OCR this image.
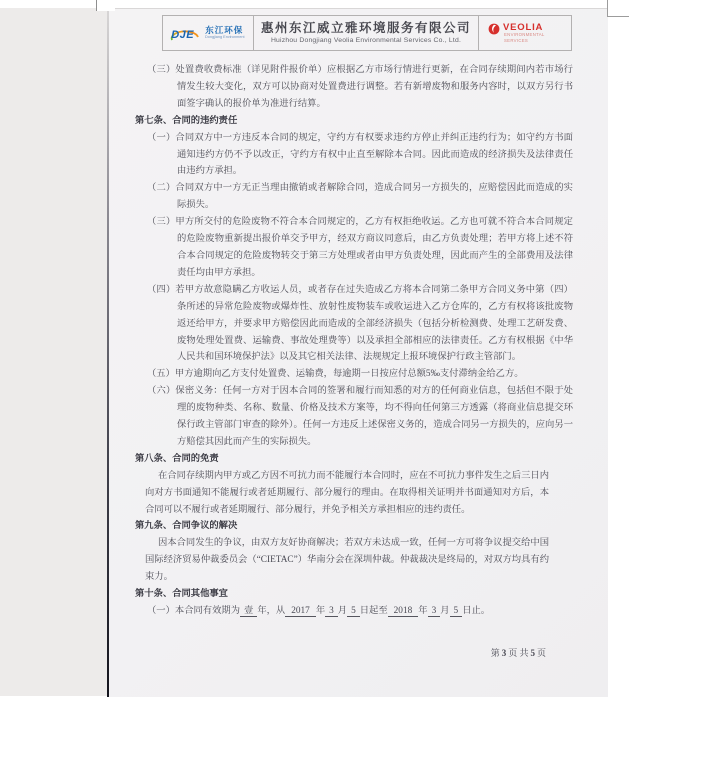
DJE 东江环保
Dongjiang Environment
惠州东江威立雅环境服务有限公司
Huizhou Dongjiang Veolia Environmental Services Co., Ltd.
VEOLIA
ENVIRONMENTAL
SERVICES
（三）处置费收费标准（详见附件报价单）应根据乙方市场行情进行更新，在合同存续期间内若市场行情发生较大变化，双方可以协商对处置费进行调整。若有新增废物和服务内容时，以双方另行书面签字确认的报价单为准进行结算。
第七条、合同的违约责任
（一）合同双方中一方违反本合同的规定，守约方有权要求违约方停止并纠正违约行为；如守约方书面通知违约方仍不予以改正，守约方有权中止直至解除本合同。因此而造成的经济损失及法律责任由违约方承担。
（二）合同双方中一方无正当理由撤销或者解除合同，造成合同另一方损失的，应赔偿因此而造成的实际损失。
（三）甲方所交付的危险废物不符合本合同规定的，乙方有权拒绝收运。乙方也可就不符合本合同规定的危险废物重新提出报价单交予甲方，经双方商议同意后，由乙方负责处理；若甲方将上述不符合本合同规定的危险废物转交于第三方处理或者由甲方负责处理，因此而产生的全部费用及法律责任均由甲方承担。
（四）若甲方故意隐瞒乙方收运人员，或者存在过失造成乙方将本合同第二条甲方合同义务中第（四）条所述的异常危险废物或爆炸性、放射性废物装车或收运进入乙方仓库的，乙方有权将该批废物返还给甲方，并要求甲方赔偿因此而造成的全部经济损失（包括分析检测费、处理工艺研发费、废物处理处置费、运输费、事故处理费等）以及承担全部相应的法律责任。乙方有权根据《中华人民共和国环境保护法》以及其它相关法律、法规规定上报环境保护行政主管部门。
（五）甲方逾期向乙方支付处置费、运输费，每逾期一日按应付总额5‰支付滞纳金给乙方。
（六）保密义务：任何一方对于因本合同的签署和履行而知悉的对方的任何商业信息，包括但不限于处理的废物种类、名称、数量、价格及技术方案等，均不得向任何第三方透露（将商业信息提交环保行政主管部门审查的除外）。任何一方违反上述保密义务的，造成合同另一方损失的，应向另一方赔偿其因此而产生的实际损失。
第八条、合同的免责
在合同存续期内甲方或乙方因不可抗力而不能履行本合同时，应在不可抗力事件发生之后三日内向对方书面通知不能履行或者延期履行、部分履行的理由。在取得相关证明并书面通知对方后，本合同可以不履行或者延期履行、部分履行，并免予相关方承担相应的违约责任。
第九条、合同争议的解决
因本合同发生的争议，由双方友好协商解决；若双方未达成一致，任何一方可将争议提交给中国国际经济贸易仲裁委员会（“CIETAC”）华南分会在深圳仲裁。仲裁裁决是终局的，对双方均具有约束力。
第十条、合同其他事宜
（一）本合同有效期为 壹 年，从 2017 年 3 月 5 日起至 2018 年 3 月 5 日止。
第 3 页 共 5 页
